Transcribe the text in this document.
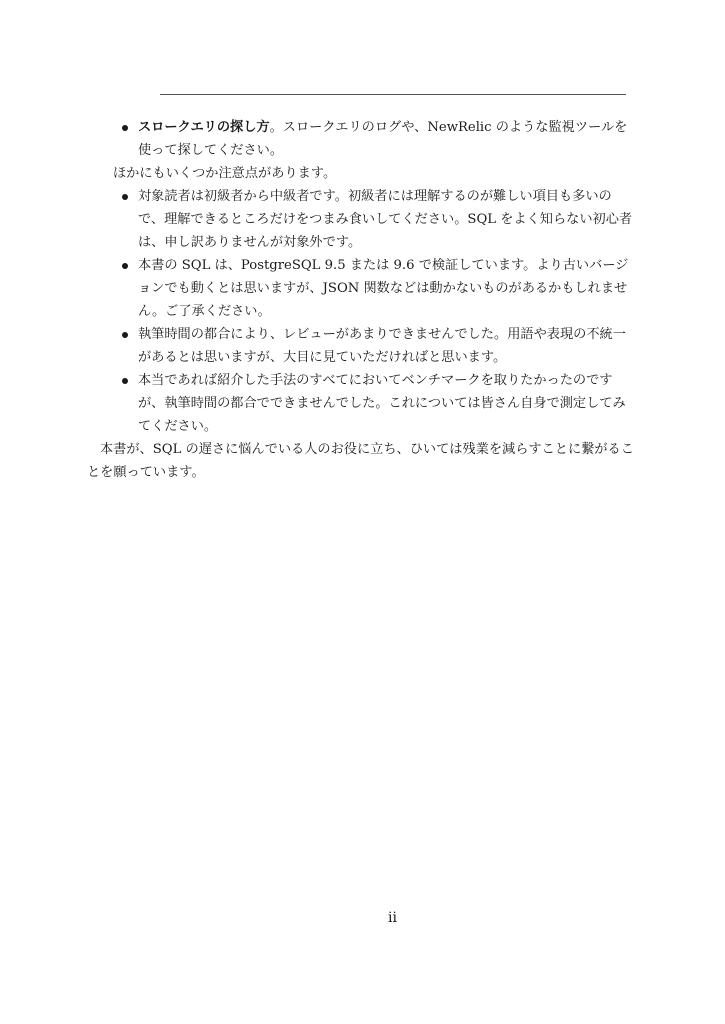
スロークエリの探し方。スロークエリのログや、NewRelic のような監視ツールを使って探してください。

ほかにもいくつか注意点があります。

対象読者は初級者から中級者です。初級者には理解するのが難しい項目も多いので、理解できるところだけをつまみ食いしてください。SQL をよく知らない初心者は、申し訳ありませんが対象外です。
本書の SQL は、PostgreSQL 9.5 または 9.6 で検証しています。より古いバージョンでも動くとは思いますが、JSON 関数などは動かないものがあるかもしれません。ご了承ください。
執筆時間の都合により、レビューがあまりできませんでした。用語や表現の不統一があるとは思いますが、大目に見ていただければと思います。
本当であれば紹介した手法のすべてにおいてベンチマークを取りたかったのですが、執筆時間の都合でできませんでした。これについては皆さん自身で測定してみてください。

本書が、SQL の遅さに悩んでいる人のお役に立ち、ひいては残業を減らすことに繋がることを願っています。

ii
